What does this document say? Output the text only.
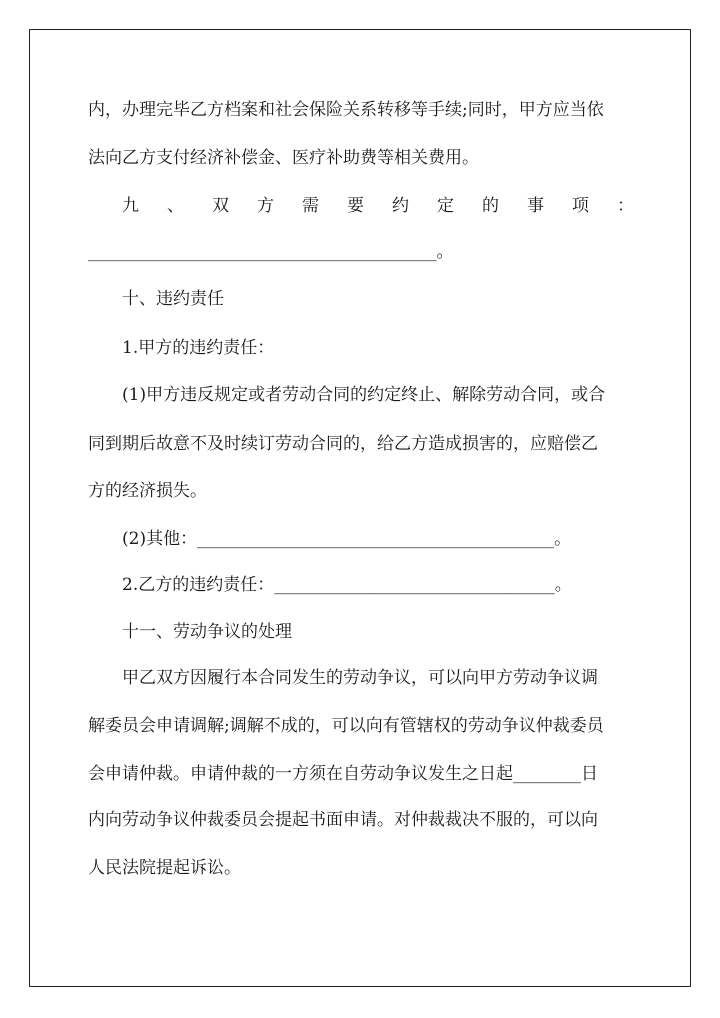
内，办理完毕乙方档案和社会保险关系转移等手续;同时，甲方应当依

法向乙方支付经济补偿金、医疗补助费等相关费用。

九 、 双 方 需 要 约 定 的 事 项 ：

_________________________________________。

十、违约责任

1.甲方的违约责任：

(1)甲方违反规定或者劳动合同的约定终止、解除劳动合同，或合

同到期后故意不及时续订劳动合同的，给乙方造成损害的，应赔偿乙

方的经济损失。

(2)其他：__________________________________________。

2.乙方的违约责任：_________________________________。

十一、劳动争议的处理

甲乙双方因履行本合同发生的劳动争议，可以向甲方劳动争议调

解委员会申请调解;调解不成的，可以向有管辖权的劳动争议仲裁委员

会申请仲裁。申请仲裁的一方须在自劳动争议发生之日起________日

内向劳动争议仲裁委员会提起书面申请。对仲裁裁决不服的，可以向

人民法院提起诉讼。
